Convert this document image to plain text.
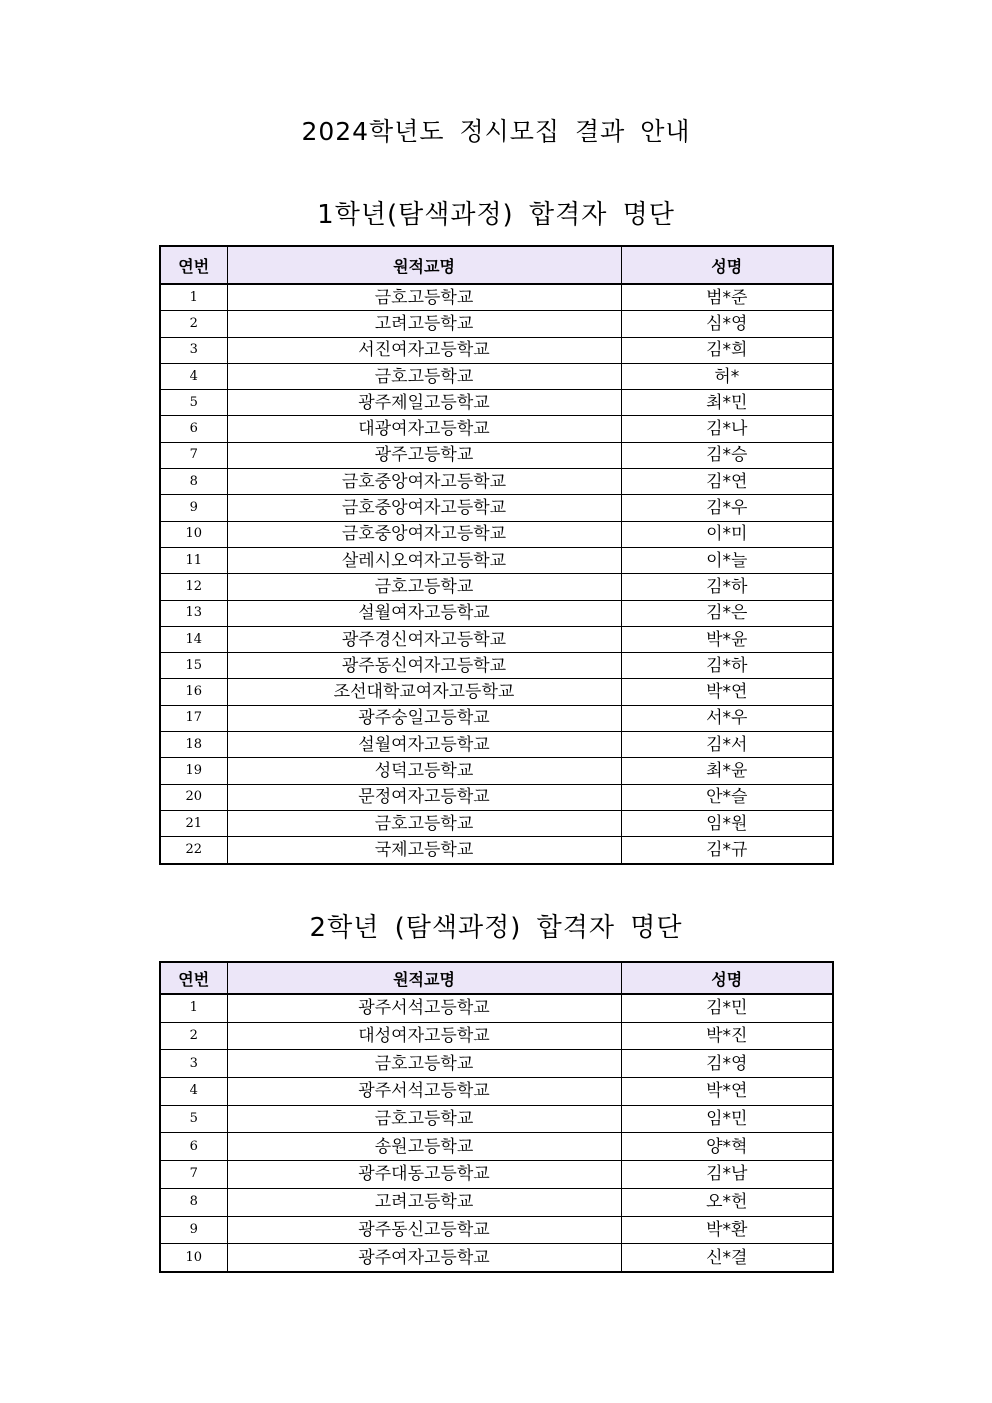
2024학년도 정시모집 결과 안내
1학년(탐색과정) 합격자 명단
연번	원적교명	성명
1	금호고등학교	범*준
2	고려고등학교	심*영
3	서진여자고등학교	김*희
4	금호고등학교	허*
5	광주제일고등학교	최*민
6	대광여자고등학교	김*나
7	광주고등학교	김*승
8	금호중앙여자고등학교	김*연
9	금호중앙여자고등학교	김*우
10	금호중앙여자고등학교	이*미
11	살레시오여자고등학교	이*늘
12	금호고등학교	김*하
13	설월여자고등학교	김*은
14	광주경신여자고등학교	박*윤
15	광주동신여자고등학교	김*하
16	조선대학교여자고등학교	박*연
17	광주숭일고등학교	서*우
18	설월여자고등학교	김*서
19	성덕고등학교	최*윤
20	문정여자고등학교	안*슬
21	금호고등학교	임*원
22	국제고등학교	김*규
2학년 (탐색과정) 합격자 명단
연번	원적교명	성명
1	광주서석고등학교	김*민
2	대성여자고등학교	박*진
3	금호고등학교	김*영
4	광주서석고등학교	박*연
5	금호고등학교	임*민
6	송원고등학교	양*혁
7	광주대동고등학교	김*남
8	고려고등학교	오*헌
9	광주동신고등학교	박*환
10	광주여자고등학교	신*결
